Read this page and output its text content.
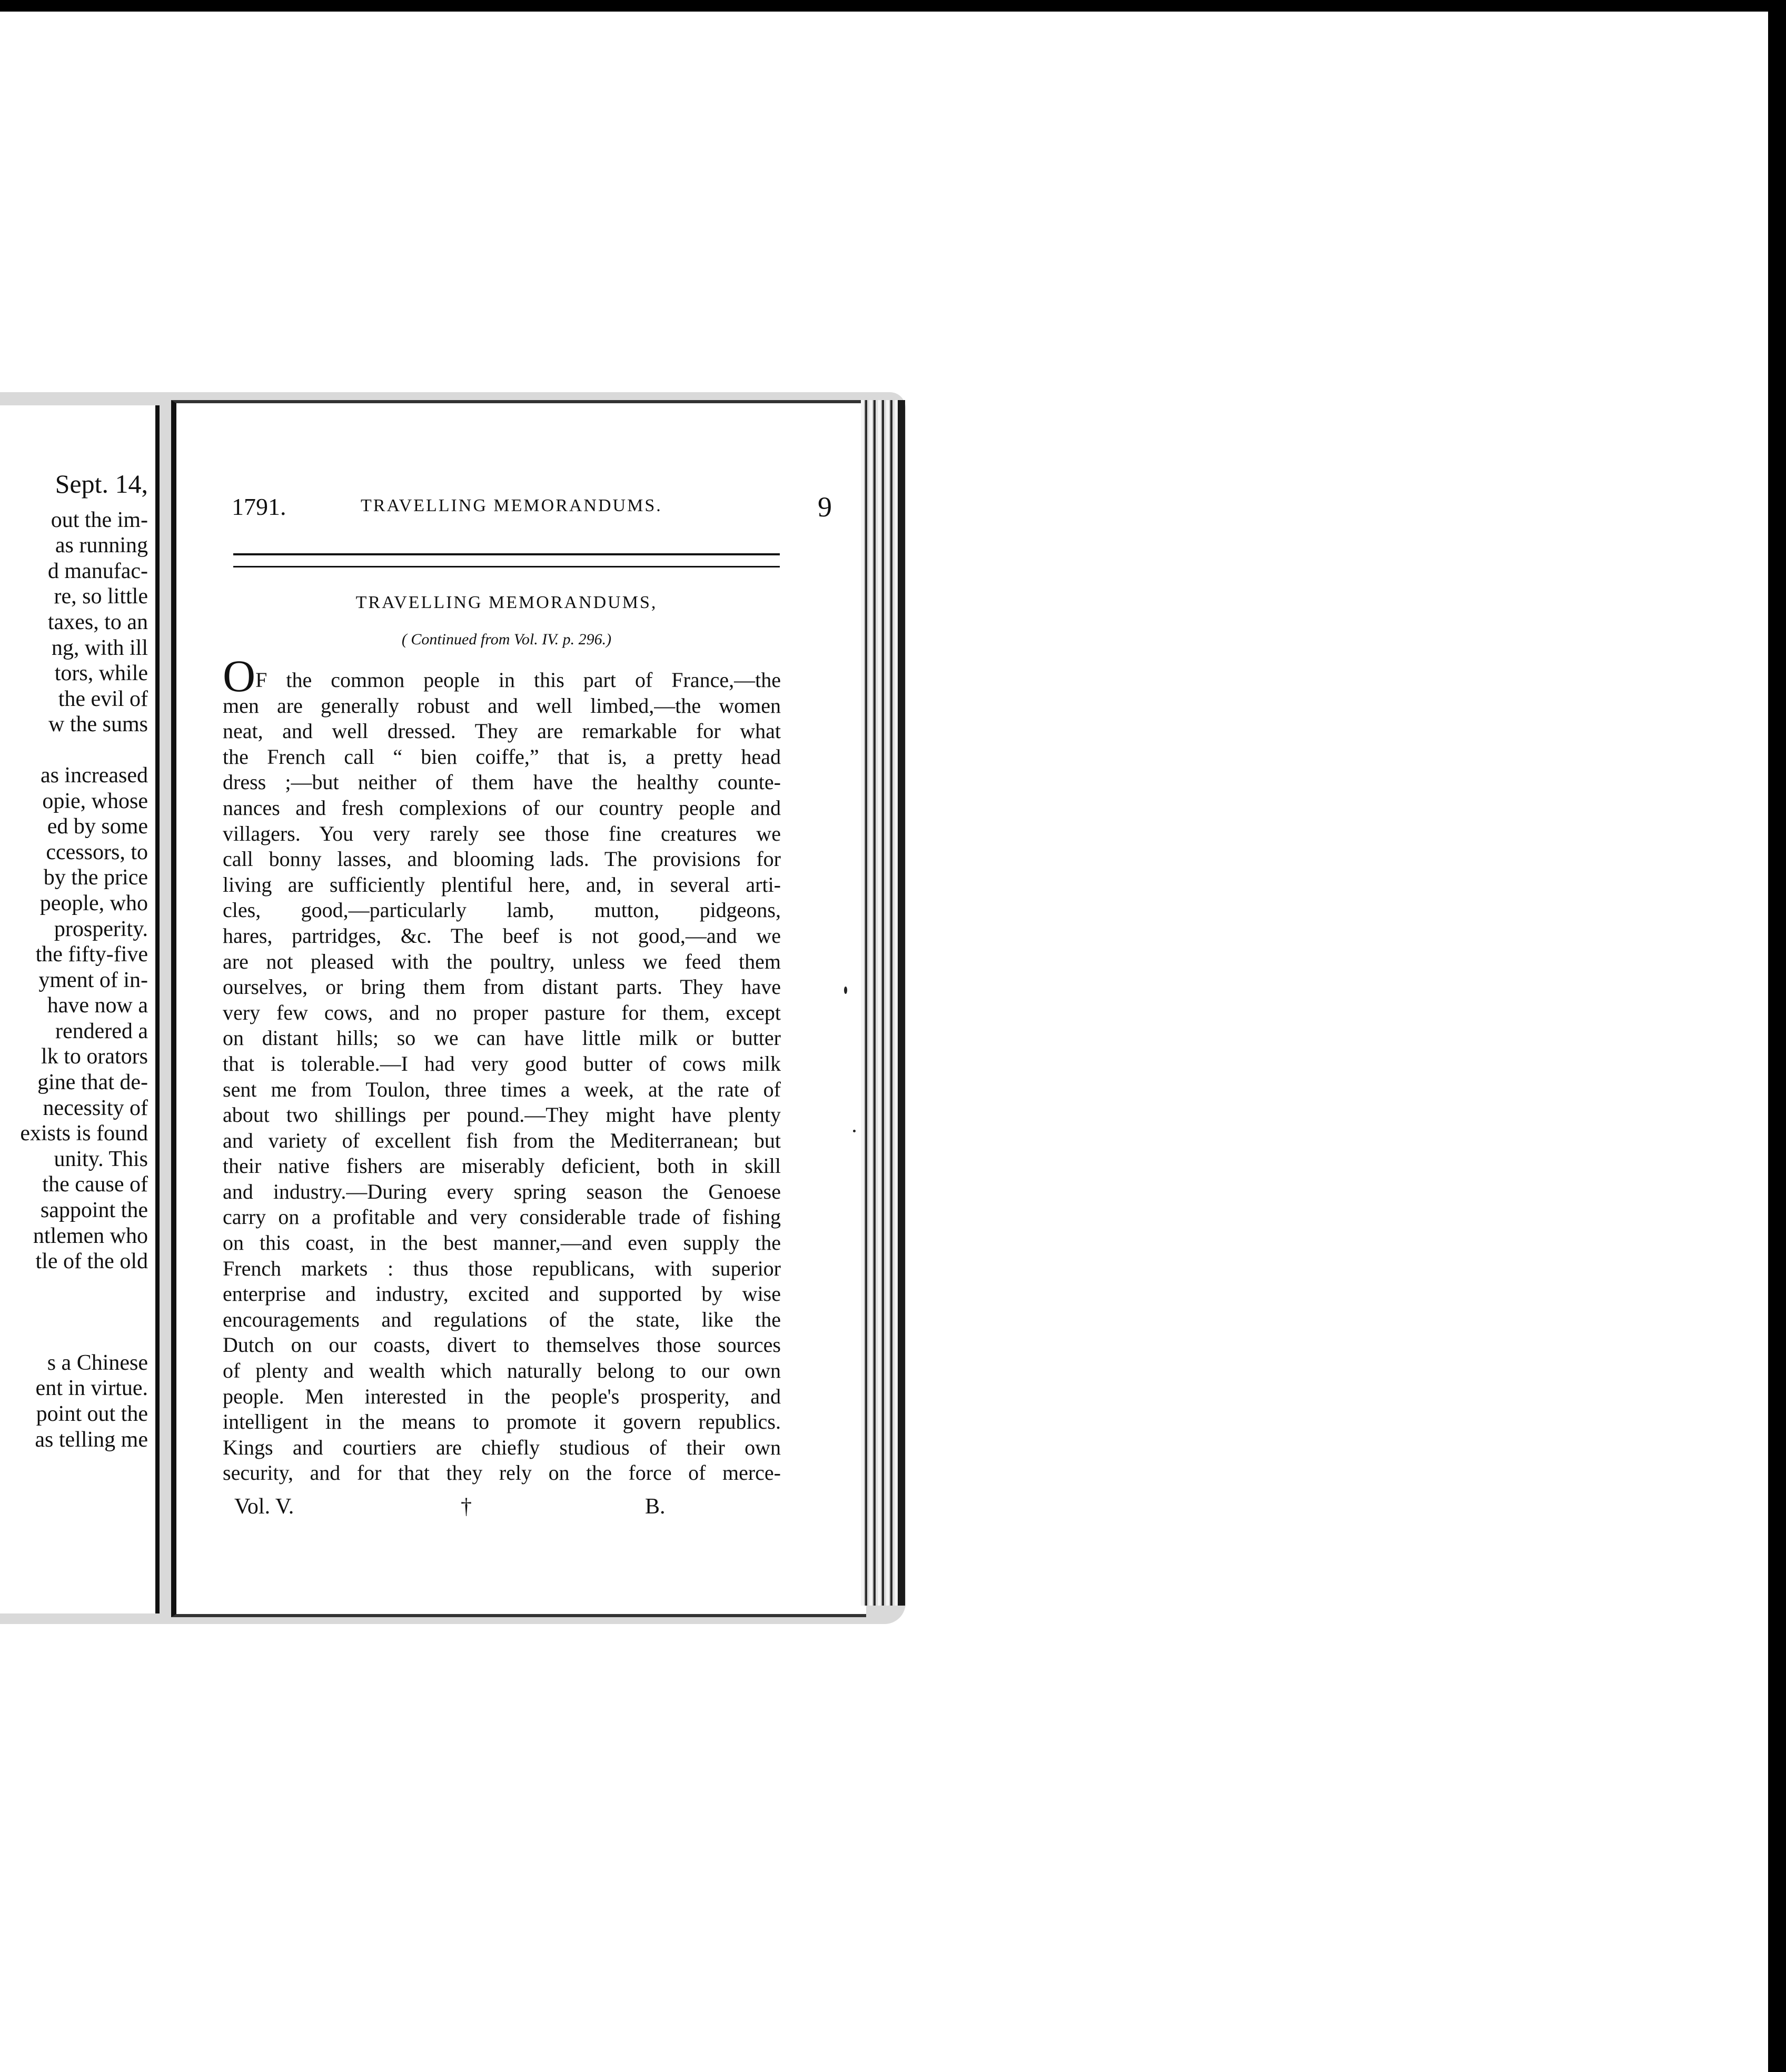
Sept. 14,
out the im-
as running
d manufac-
re, so little
taxes, to an
ng, with ill
tors, while
the evil of
w the sums
as increased
opie, whose
ed by some
ccessors, to
by the price
people, who
prosperity.
the fifty-five
yment of in-
have now a
rendered a
lk to orators
gine that de-
necessity of
exists is found
unity. This
the cause of
sappoint the
ntlemen who
tle of the old
s a Chinese
ent in virtue.
point out the
as telling me
1791.	TRAVELLING MEMORANDUMS.	9
TRAVELLING MEMORANDUMS,
( Continued from Vol. IV. p. 296.)
OF the common people in this part of France,—the
men are generally robust and well limbed,—the women
neat, and well dressed. They are remarkable for what
the French call “ bien coiffe,” that is, a pretty head
dress ;—but neither of them have the healthy counte-
nances and fresh complexions of our country people and
villagers. You very rarely see those fine creatures we
call bonny lasses, and blooming lads. The provisions for
living are sufficiently plentiful here, and, in several arti-
cles, good,—particularly lamb, mutton, pidgeons,
hares, partridges, &c. The beef is not good,—and we
are not pleased with the poultry, unless we feed them
ourselves, or bring them from distant parts. They have
very few cows, and no proper pasture for them, except
on distant hills; so we can have little milk or butter
that is tolerable.—I had very good butter of cows milk
sent me from Toulon, three times a week, at the rate of
about two shillings per pound.—They might have plenty
and variety of excellent fish from the Mediterranean; but
their native fishers are miserably deficient, both in skill
and industry.—During every spring season the Genoese
carry on a profitable and very considerable trade of fishing
on this coast, in the best manner,—and even supply the
French markets : thus those republicans, with superior
enterprise and industry, excited and supported by wise
encouragements and regulations of the state, like the
Dutch on our coasts, divert to themselves those sources
of plenty and wealth which naturally belong to our own
people. Men interested in the people's prosperity, and
intelligent in the means to promote it govern republics.
Kings and courtiers are chiefly studious of their own
security, and for that they rely on the force of merce-
Vol. V.	†	B.
